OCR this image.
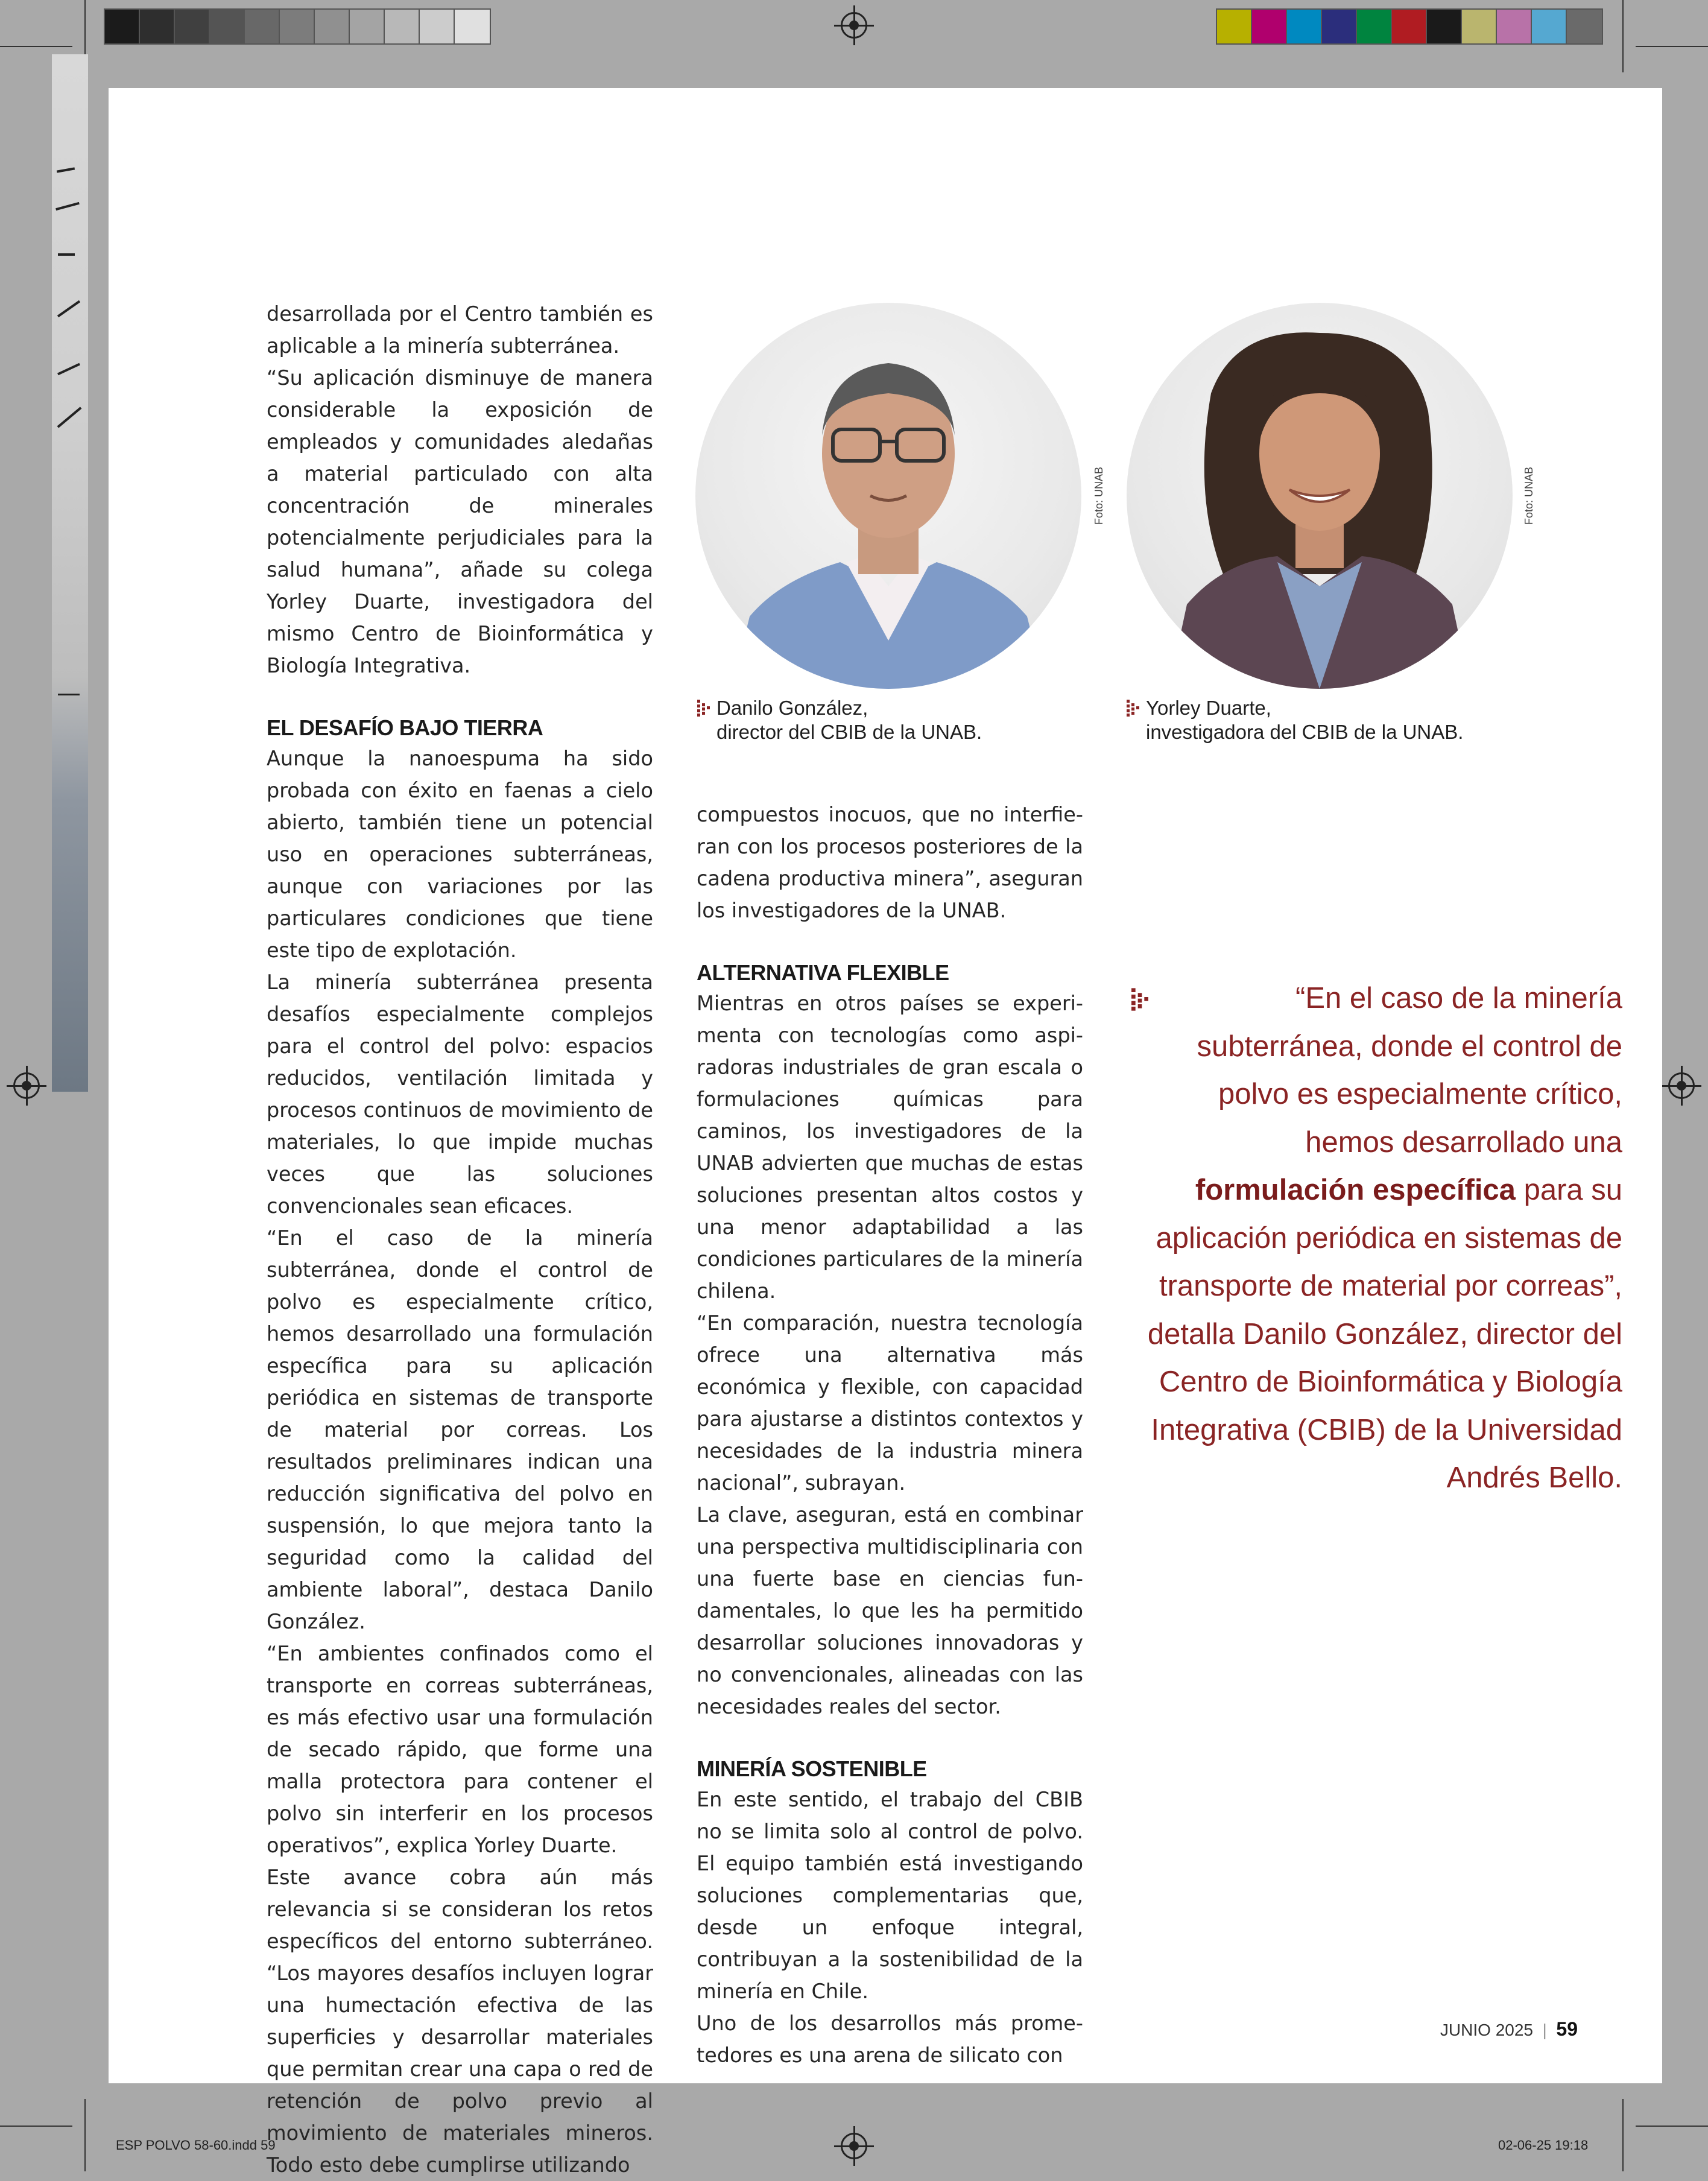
ESP POLVO 58-60.indd 59	02-06-25 19:18

desarrollada por el Centro también es aplicable a la minería subterránea.

“Su aplicación disminuye de manera considerable la exposición de empleados y comunidades aledañas a material particulado con alta concentración de minerales potencialmente perjudiciales para la salud humana”, añade su colega Yorley Duarte, investigadora del mismo Centro de Bioinformática y Biología Integrativa.

EL DESAFÍO BAJO TIERRA

Aunque la nanoespuma ha sido probada con éxito en faenas a cielo abierto, también tiene un potencial uso en operaciones subterráneas, aunque con variaciones por las particulares condiciones que tiene este tipo de explotación.

La minería subterránea presenta desafíos especialmente complejos para el control del polvo: espacios reducidos, ventilación limitada y procesos continuos de movimiento de materiales, lo que impide muchas veces que las soluciones convencionales sean eficaces.

“En el caso de la minería subterránea, donde el control de polvo es especialmente crítico, hemos desarrollado una formulación específica para su aplicación periódica en sistemas de transporte de material por correas. Los resultados preliminares indican una reducción significativa del polvo en suspensión, lo que mejora tanto la seguridad como la calidad del ambiente laboral”, destaca Danilo González.

“En ambientes confinados como el transporte en correas subterráneas, es más efectivo usar una formulación de secado rápido, que forme una malla protectora para contener el polvo sin interferir en los procesos operativos”, explica Yorley Duarte.

Este avance cobra aún más relevancia si se consideran los retos específicos del entorno subterráneo. “Los mayores desafíos incluyen lograr una humectación efectiva de las superficies y desarrollar materiales que permitan crear una capa o red de retención de polvo previo al movimiento de materiales mineros. Todo esto debe cumplirse utilizando

Foto: UNAB	Foto: UNAB
Danilo González,
director del CBIB de la UNAB.
Yorley Duarte,
investigadora del CBIB de la UNAB.

compuestos inocuos, que no interfieran con los procesos posteriores de la cadena productiva minera”, aseguran los investigadores de la UNAB.

ALTERNATIVA FLEXIBLE

Mientras en otros países se experimenta con tecnologías como aspiradoras industriales de gran escala o formulaciones químicas para caminos, los investigadores de la UNAB advierten que muchas de estas soluciones presentan altos costos y una menor adaptabilidad a las condiciones particulares de la minería chilena.

“En comparación, nuestra tecnología ofrece una alternativa más económica y flexible, con capacidad para ajustarse a distintos contextos y necesidades de la industria minera nacional”, subrayan.

La clave, aseguran, está en combinar una perspectiva multidisciplinaria con una fuerte base en ciencias fundamentales, lo que les ha permitido desarrollar soluciones innovadoras y no convencionales, alineadas con las necesidades reales del sector.

MINERÍA SOSTENIBLE

En este sentido, el trabajo del CBIB no se limita solo al control de polvo. El equipo también está investigando soluciones complementarias que, desde un enfoque integral, contribuyan a la sostenibilidad de la minería en Chile.

Uno de los desarrollos más prometedores es una arena de silicato con

“En el caso de la minería subterránea, donde el control de polvo es especialmente crítico, hemos desarrollado una formulación específica para su aplicación periódica en sistemas de transporte de material por correas”, detalla Danilo González, director del Centro de Bioinformática y Biología Integrativa (CBIB) de la Universidad Andrés Bello.
JUNIO 2025  |  59
